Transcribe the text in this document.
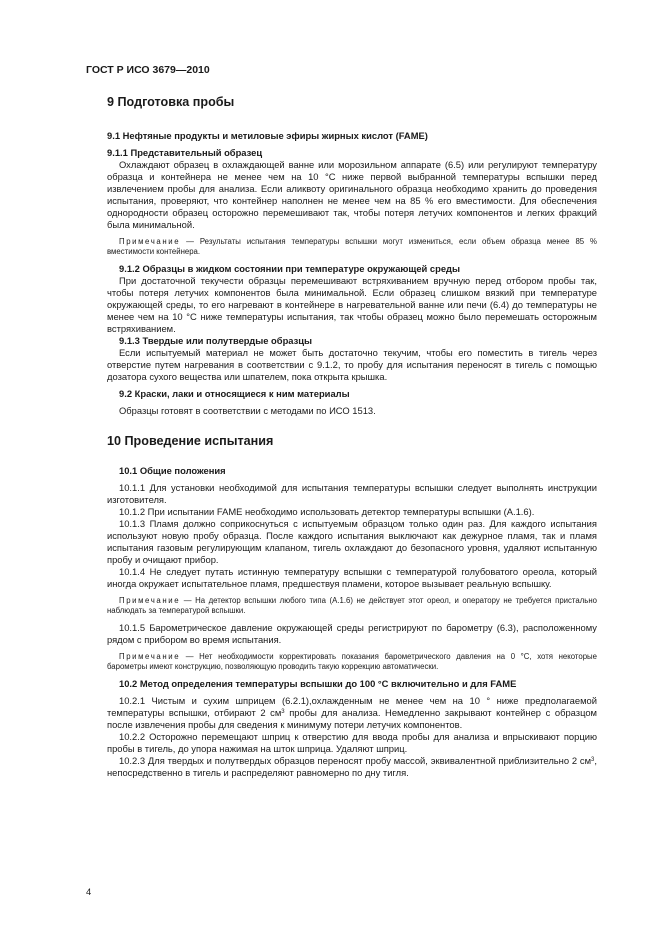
ГОСТ Р ИСО 3679—2010

9 Подготовка пробы

9.1 Нефтяные продукты и метиловые эфиры жирных кислот (FAME)

9.1.1 Представительный образец

Охлаждают образец в охлаждающей ванне или морозильном аппарате (6.5) или регулируют температуру образца и контейнера не менее чем на 10 °С ниже первой выбранной температуры вспышки перед извлечением пробы для анализа. Если аликвоту оригинального образца необходимо хранить до проведения испытания, проверяют, что контейнер наполнен не менее чем на 85 % его вместимости. Для обеспечения однородности образец осторожно перемешивают так, чтобы потеря летучих компонентов и легких фракций была минимальной.

Примечание — Результаты испытания температуры вспышки могут измениться, если объем образца менее 85 % вместимости контейнера.

9.1.2 Образцы в жидком состоянии при температуре окружающей среды

При достаточной текучести образцы перемешивают встряхиванием вручную перед отбором пробы так, чтобы потеря летучих компонентов была минимальной. Если образец слишком вязкий при температуре окружающей среды, то его нагревают в контейнере в нагревательной ванне или печи (6.4) до температуры не менее чем на 10 °С ниже температуры испытания, так чтобы образец можно было перемешать осторожным встряхиванием.

9.1.3 Твердые или полутвердые образцы

Если испытуемый материал не может быть достаточно текучим, чтобы его поместить в тигель через отверстие путем нагревания в соответствии с 9.1.2, то пробу для испытания переносят в тигель с помощью дозатора сухого вещества или шпателем, пока открыта крышка.

9.2 Краски, лаки и относящиеся к ним материалы

Образцы готовят в соответствии с методами по ИСО 1513.

10 Проведение испытания

10.1 Общие положения

10.1.1 Для установки необходимой для испытания температуры вспышки следует выполнять инструкции изготовителя.

10.1.2 При испытании FAME необходимо использовать детектор температуры вспышки (А.1.6).

10.1.3 Пламя должно соприкоснуться с испытуемым образцом только один раз. Для каждого испытания используют новую пробу образца. После каждого испытания выключают как дежурное пламя, так и пламя испытания газовым регулирующим клапаном, тигель охлаждают до безопасного уровня, удаляют испытанную пробу и очищают прибор.

10.1.4 Не следует путать истинную температуру вспышки с температурой голубоватого ореола, который иногда окружает испытательное пламя, предшествуя пламени, которое вызывает реальную вспышку.

Примечание — На детектор вспышки любого типа (А.1.6) не действует этот ореол, и оператору не требуется пристально наблюдать за температурой вспышки.

10.1.5 Барометрическое давление окружающей среды регистрируют по барометру (6.3), расположенному рядом с прибором во время испытания.

Примечание — Нет необходимости корректировать показания барометрического давления на 0 °С, хотя некоторые барометры имеют конструкцию, позволяющую проводить такую коррекцию автоматически.

10.2 Метод определения температуры вспышки до 100 °С включительно и для FAME

10.2.1 Чистым и сухим шприцем (6.2.1),охлажденным не менее чем на 10 ° ниже предполагаемой температуры вспышки, отбирают 2 $см^3$ пробы для анализа. Немедленно закрывают контейнер с образцом после извлечения пробы для сведения к минимуму потери летучих компонентов.

10.2.2 Осторожно перемещают шприц к отверстию для ввода пробы для анализа и впрыскивают порцию пробы в тигель, до упора нажимая на шток шприца. Удаляют шприц.

10.2.3 Для твердых и полутвердых образцов переносят пробу массой, эквивалентной приблизительно 2 $см^3$, непосредственно в тигель и распределяют равномерно по дну тигля.

4
